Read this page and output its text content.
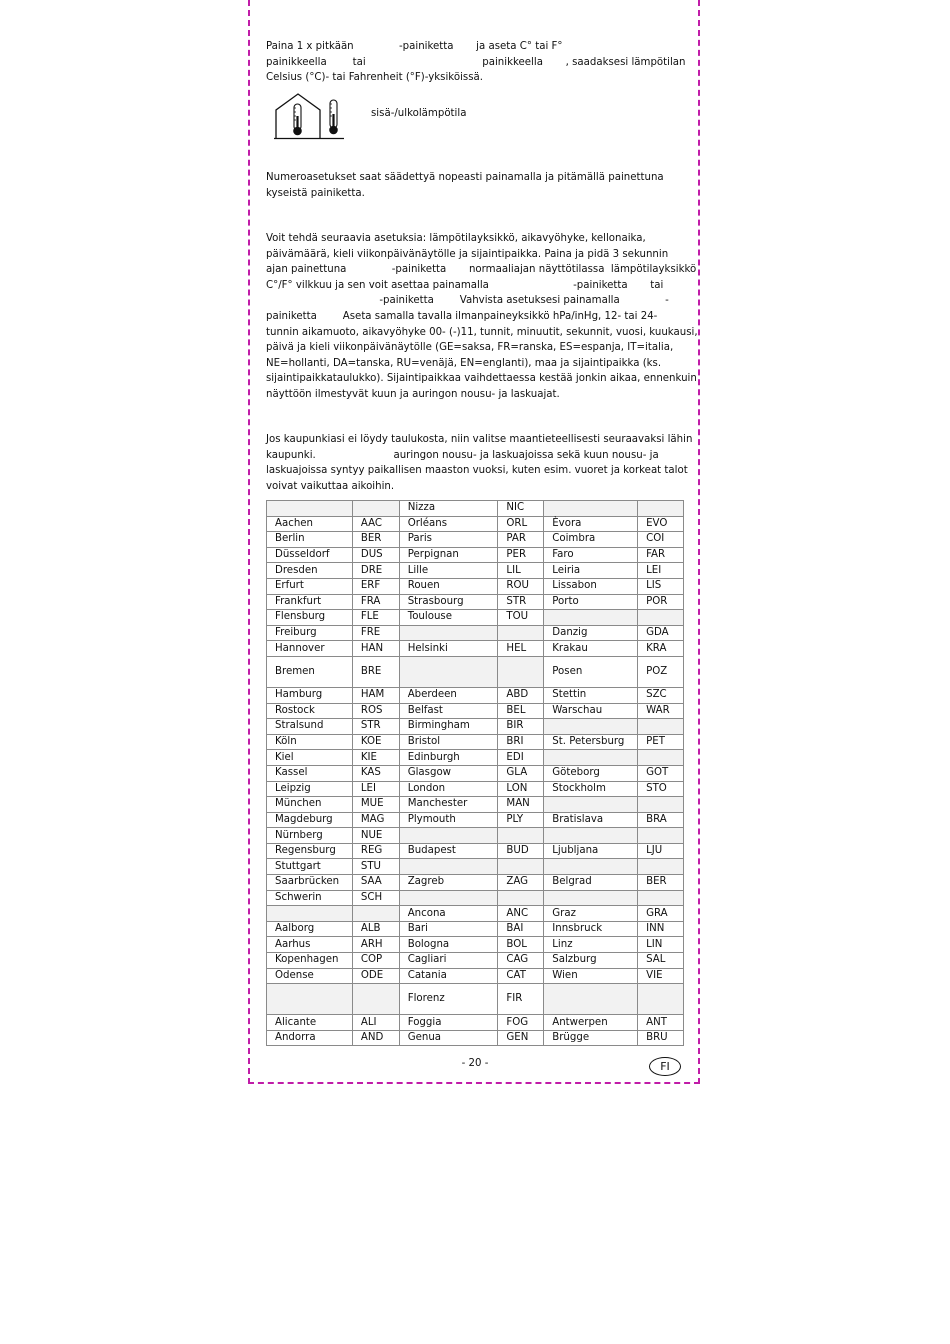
Paina 1 x pitkään              -painiketta       ja aseta C° tai F°
painikkeella        tai                                    painikkeella       , saadaksesi lämpötilan
Celsius (°C)- tai Fahrenheit (°F)-yksiköissä.

sisä-/ulkolämpötila

Numeroasetukset saat säädettyä nopeasti painamalla ja pitämällä painettuna
kyseistä painiketta.

Voit tehdä seuraavia asetuksia: lämpötilayksikkö, aikavyöhyke, kellonaika,
päivämäärä, kieli viikonpäivänäytölle ja sijaintipaikka. Paina ja pidä 3 sekunnin
ajan painettuna              -painiketta       normaaliajan näyttötilassa  lämpötilayksikkö
C°/F° vilkkuu ja sen voit asettaa painamalla                          -painiketta       tai
-painiketta        Vahvista asetuksesi painamalla              -
painiketta        Aseta samalla tavalla ilmanpaineyksikkö hPa/inHg, 12- tai 24-
tunnin aikamuoto, aikavyöhyke 00- (-)11, tunnit, minuutit, sekunnit, vuosi, kuukausi,
päivä ja kieli viikonpäivänäytölle (GE=saksa, FR=ranska, ES=espanja, IT=italia,
NE=hollanti, DA=tanska, RU=venäjä, EN=englanti), maa ja sijaintipaikka (ks.
sijaintipaikkataulukko). Sijaintipaikkaa vaihdettaessa kestää jonkin aikaa, ennenkuin
näyttöön ilmestyvät kuun ja auringon nousu- ja laskuajat.

Jos kaupunkiasi ei löydy taulukosta, niin valitse maantieteellisesti seuraavaksi lähin
kaupunki.                        auringon nousu- ja laskuajoissa sekä kuun nousu- ja
laskuajoissa syntyy paikallisen maaston vuoksi, kuten esim. vuoret ja korkeat talot
voivat vaikuttaa aikoihin.

		Nizza	NIC		
Aachen	AAC	Orléans	ORL	Èvora	EVO
Berlin	BER	Paris	PAR	Coimbra	COI
Düsseldorf	DUS	Perpignan	PER	Faro	FAR
Dresden	DRE	Lille	LIL	Leiria	LEI
Erfurt	ERF	Rouen	ROU	Lissabon	LIS
Frankfurt	FRA	Strasbourg	STR	Porto	POR
Flensburg	FLE	Toulouse	TOU		
Freiburg	FRE			Danzig	GDA
Hannover	HAN	Helsinki	HEL	Krakau	KRA
Bremen	BRE			Posen	POZ
Hamburg	HAM	Aberdeen	ABD	Stettin	SZC
Rostock	ROS	Belfast	BEL	Warschau	WAR
Stralsund	STR	Birmingham	BIR		
Köln	KOE	Bristol	BRI	St. Petersburg	PET
Kiel	KIE	Edinburgh	EDI		
Kassel	KAS	Glasgow	GLA	Göteborg	GOT
Leipzig	LEI	London	LON	Stockholm	STO
München	MUE	Manchester	MAN		
Magdeburg	MAG	Plymouth	PLY	Bratislava	BRA
Nürnberg	NUE				
Regensburg	REG	Budapest	BUD	Ljubljana	LJU
Stuttgart	STU				
Saarbrücken	SAA	Zagreb	ZAG	Belgrad	BER
Schwerin	SCH				
		Ancona	ANC	Graz	GRA
Aalborg	ALB	Bari	BAI	Innsbruck	INN
Aarhus	ARH	Bologna	BOL	Linz	LIN
Kopenhagen	COP	Cagliari	CAG	Salzburg	SAL
Odense	ODE	Catania	CAT	Wien	VIE
		Florenz	FIR		
Alicante	ALI	Foggia	FOG	Antwerpen	ANT
Andorra	AND	Genua	GEN	Brügge	BRU
- 20 -	FI
